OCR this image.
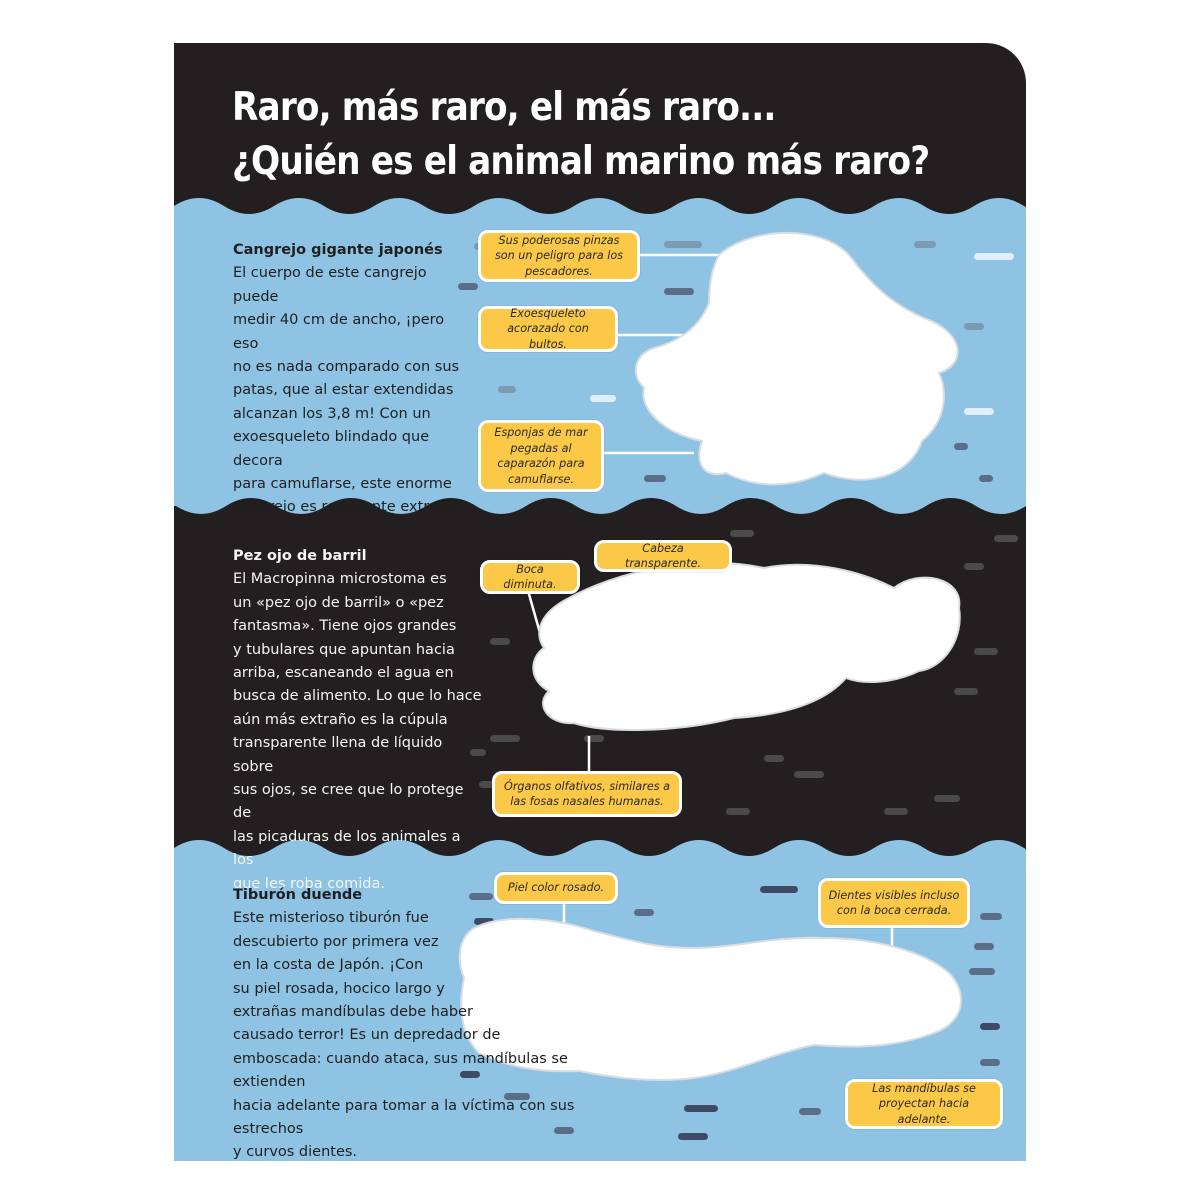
Raro, más raro, el más raro...
¿Quién es el animal marino más raro?
Cangrejo gigante japonés
El cuerpo de este cangrejo puede
medir 40 cm de ancho, ¡pero eso
no es nada comparado con sus
patas, que al estar extendidas
alcanzan los 3,8 m! Con un
exoesqueleto blindado que decora
para camuflarse, este enorme
cangrejo es realmente extraño.
Pez ojo de barril
El Macropinna microstoma es
un «pez ojo de barril» o «pez
fantasma». Tiene ojos grandes
y tubulares que apuntan hacia
arriba, escaneando el agua en
busca de alimento. Lo que lo hace
aún más extraño es la cúpula
transparente llena de líquido sobre
sus ojos, se cree que lo protege de
las picaduras de los animales a los
que les roba comida.
Tiburón duende
Este misterioso tiburón fue
descubierto por primera vez
en la costa de Japón. ¡Con
su piel rosada, hocico largo y
extrañas mandíbulas debe haber
causado terror! Es un depredador de
emboscada: cuando ataca, sus mandíbulas se extienden
hacia adelante para tomar a la víctima con sus estrechos
y curvos dientes.
Sus poderosas pinzas son un peligro para los pescadores.
Exoesqueleto acorazado con bultos.
Esponjas de mar pegadas al caparazón para camuflarse.
Boca diminuta.
Cabeza transparente.
Órganos olfativos, similares a las fosas nasales humanas.
Piel color rosado.
Dientes visibles incluso con la boca cerrada.
Las mandíbulas se proyectan hacia adelante.
